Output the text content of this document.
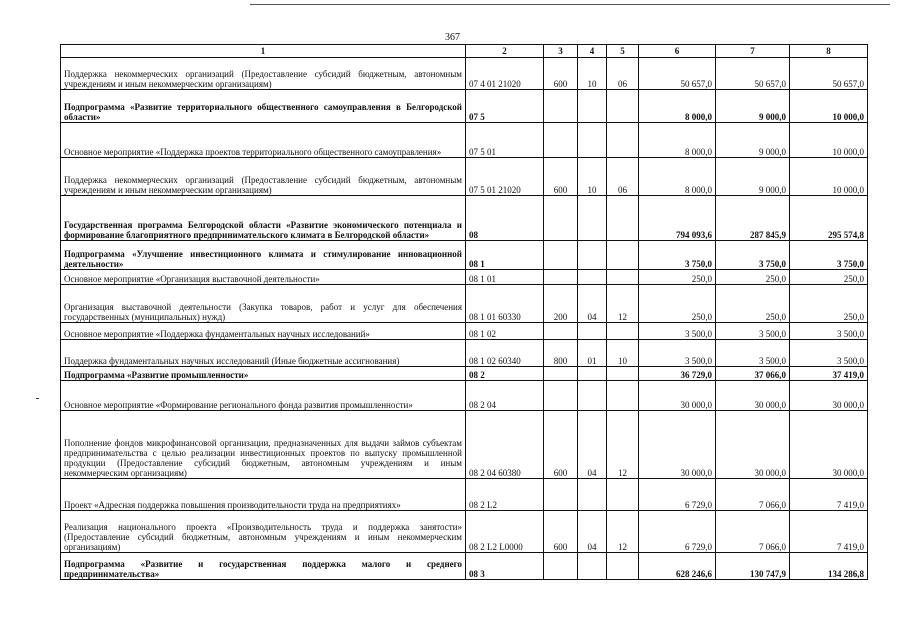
367
1	2	3	4	5	6	7	8
Поддержка некоммерческих организаций (Предоставление субсидий бюджетным, автономным учреждениям и иным некоммерческим организациям)	07 4 01 21020	600	10	06	50 657,0	50 657,0	50 657,0
Подпрограмма «Развитие территориального общественного самоуправления в Белгородской области»	07 5				8 000,0	9 000,0	10 000,0
Основное мероприятие «Поддержка проектов территориального общественного самоуправления»	07 5 01				8 000,0	9 000,0	10 000,0
Поддержка некоммерческих организаций (Предоставление субсидий бюджетным, автономным учреждениям и иным некоммерческим организациям)	07 5 01 21020	600	10	06	8 000,0	9 000,0	10 000,0
Государственная программа Белгородской области «Развитие экономического потенциала и формирование благоприятного предпринимательского климата в Белгородской области»	08				794 093,6	287 845,9	295 574,8
Подпрограмма «Улучшение инвестиционного климата и стимулирование инновационной деятельности»	08 1				3 750,0	3 750,0	3 750,0
Основное мероприятие «Организация выставочной деятельности»	08 1 01				250,0	250,0	250,0
Организация выставочной деятельности (Закупка товаров, работ и услуг для обеспечения государственных (муниципальных) нужд)	08 1 01 60330	200	04	12	250,0	250,0	250,0
Основное мероприятие «Поддержка фундаментальных научных исследований»	08 1 02				3 500,0	3 500,0	3 500,0
Поддержка фундаментальных научных исследований (Иные бюджетные ассигнования)	08 1 02 60340	800	01	10	3 500,0	3 500,0	3 500,0
Подпрограмма «Развитие промышленности»	08 2				36 729,0	37 066,0	37 419,0
Основное мероприятие «Формирование регионального фонда развития промышленности»	08 2 04				30 000,0	30 000,0	30 000,0
Пополнение фондов микрофинансовой организации, предназначенных для выдачи займов субъектам предпринимательства с целью реализации инвестиционных проектов по выпуску промышленной продукции (Предоставление субсидий бюджетным, автономным учреждениям и иным некоммерческим организациям)	08 2 04 60380	600	04	12	30 000,0	30 000,0	30 000,0
Проект «Адресная поддержка повышения производительности труда на предприятиях»	08 2 L2				6 729,0	7 066,0	7 419,0
Реализация национального проекта «Производительность труда и поддержка занятости» (Предоставление субсидий бюджетным, автономным учреждениям и иным некоммерческим организациям)	08 2 L2 L0000	600	04	12	6 729,0	7 066,0	7 419,0
Подпрограмма «Развитие и государственная поддержка малого и среднего предпринимательства»	08 3				628 246,6	130 747,9	134 286,8
